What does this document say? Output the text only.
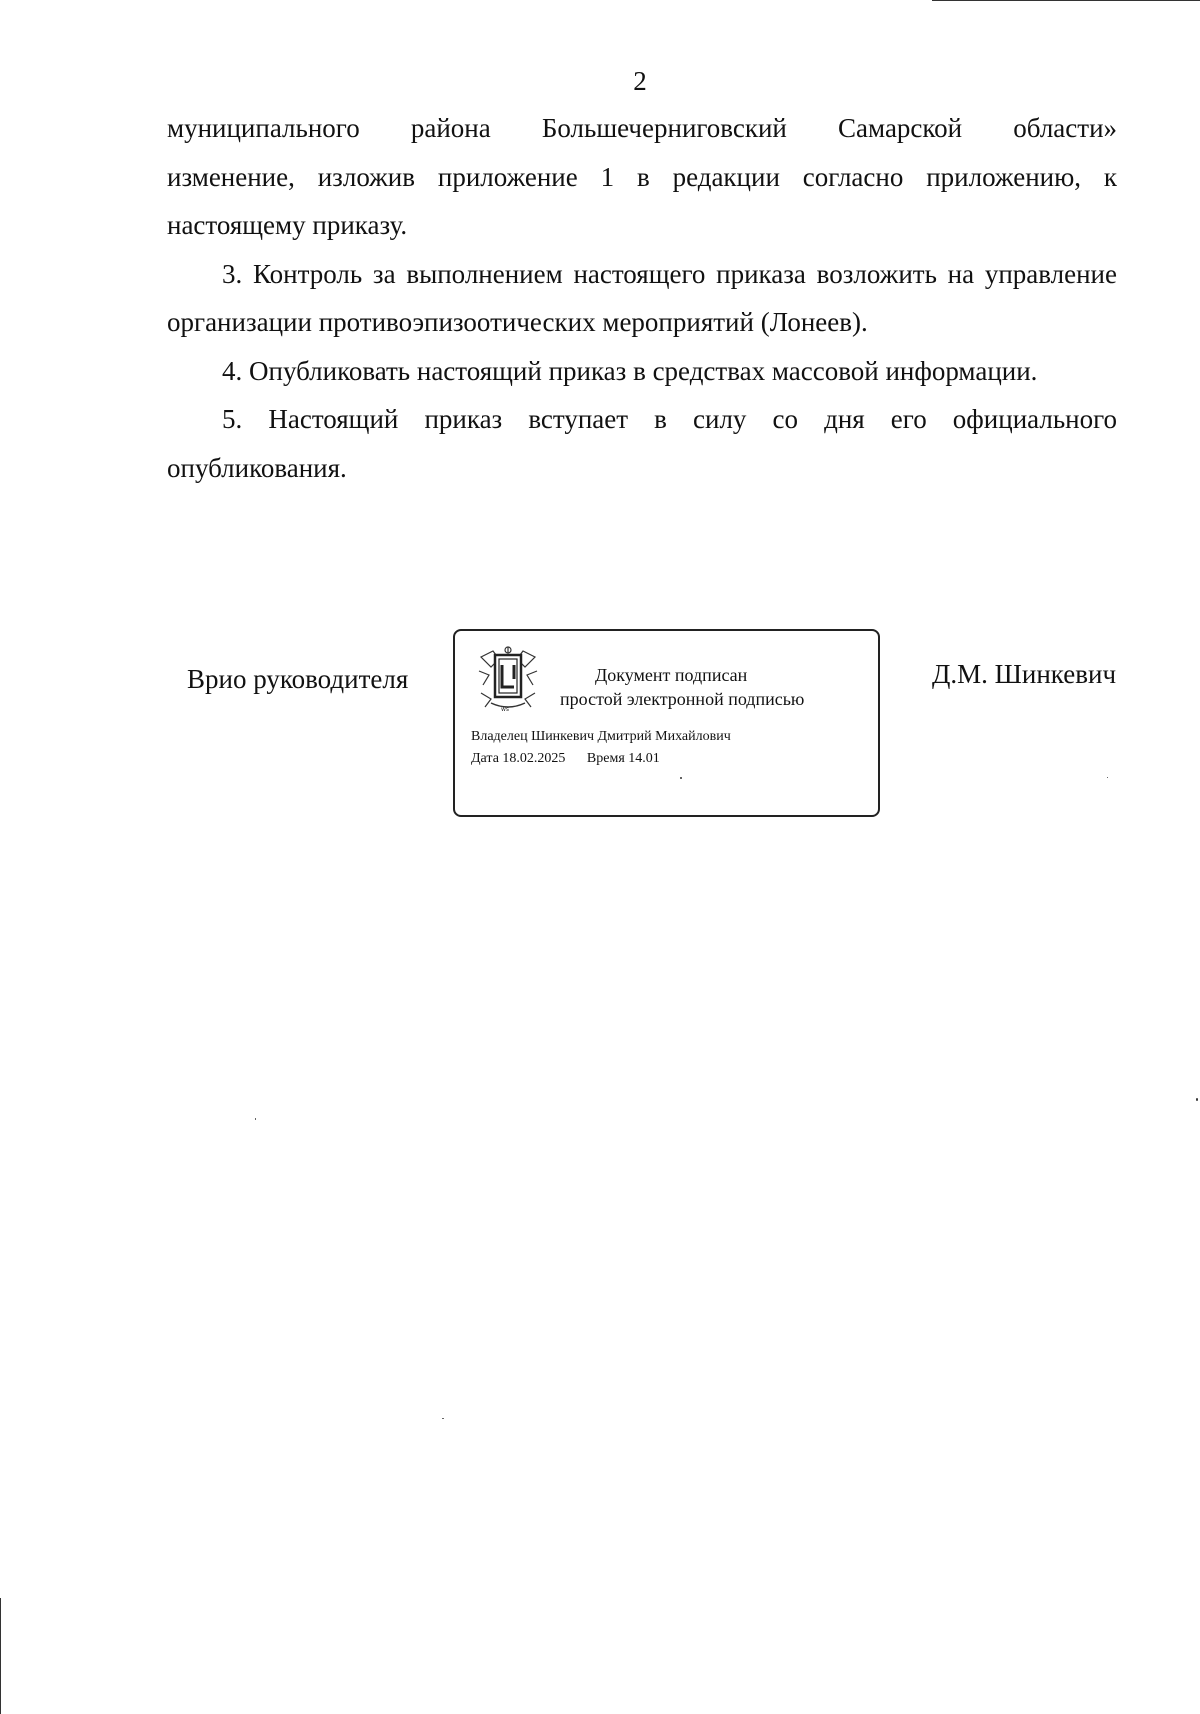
2

муниципального района Большечерниговский Самарской области»

изменение, изложив приложение 1 в редакции согласно приложению, к настоящему приказу.

3. Контроль за выполнением настоящего приказа возложить на управление организации противоэпизоотических мероприятий (Лонеев).

4. Опубликовать настоящий приказ в средствах массовой информации.

5. Настоящий приказ вступает в силу со дня его официального опубликования.

Врио руководителя
ws
Документ подписан
простой электронной подписью
Владелец Шинкевич Дмитрий Михайлович
Дата 18.02.2025 Время 14.01
Д.М. Шинкевич
